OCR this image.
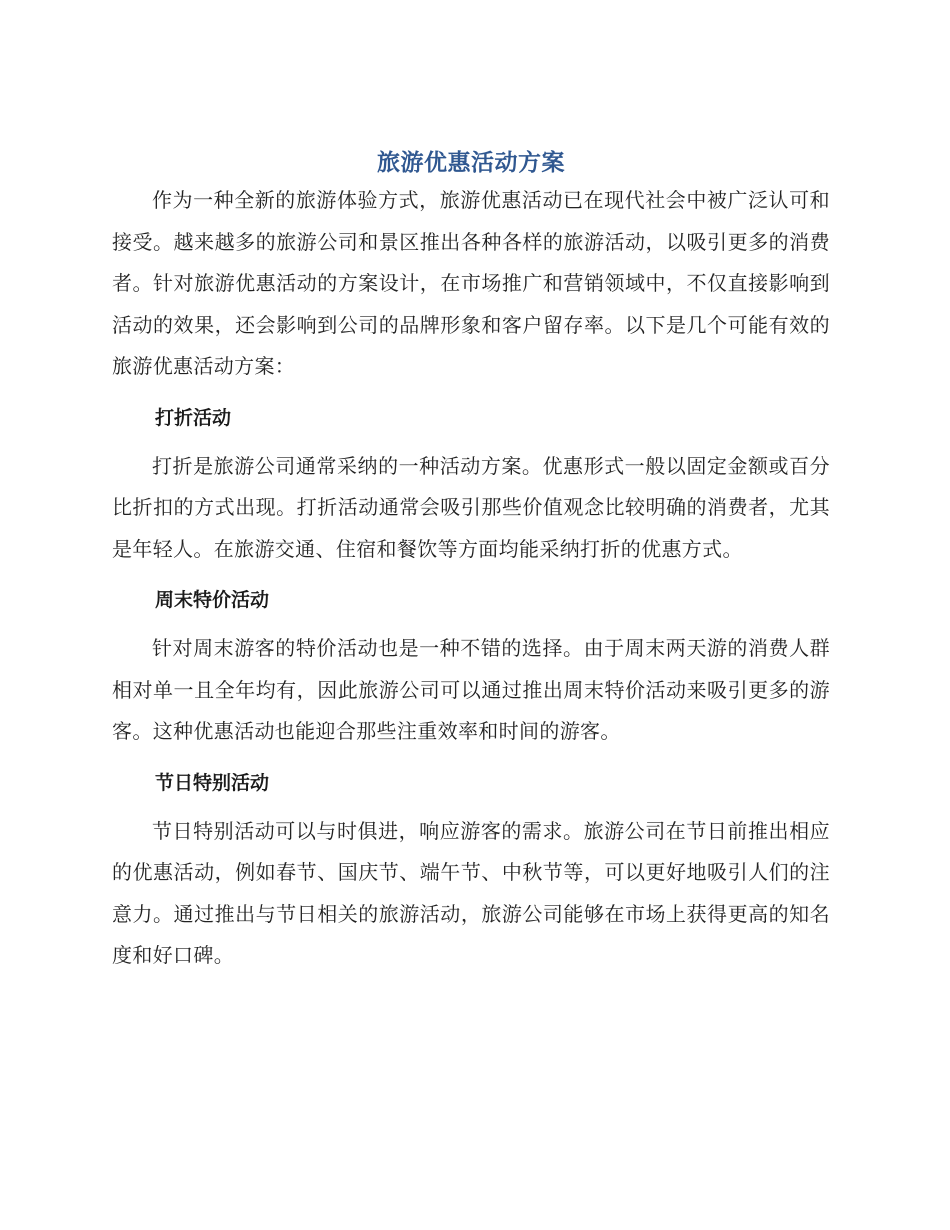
旅游优惠活动方案

作为一种全新的旅游体验方式，旅游优惠活动已在现代社会中被广泛认可和接受。越来越多的旅游公司和景区推出各种各样的旅游活动，以吸引更多的消费者。针对旅游优惠活动的方案设计，在市场推广和营销领域中，不仅直接影响到活动的效果，还会影响到公司的品牌形象和客户留存率。以下是几个可能有效的旅游优惠活动方案：

打折活动

打折是旅游公司通常采纳的一种活动方案。优惠形式一般以固定金额或百分比折扣的方式出现。打折活动通常会吸引那些价值观念比较明确的消费者，尤其是年轻人。在旅游交通、住宿和餐饮等方面均能采纳打折的优惠方式。

周末特价活动

针对周末游客的特价活动也是一种不错的选择。由于周末两天游的消费人群相对单一且全年均有，因此旅游公司可以通过推出周末特价活动来吸引更多的游客。这种优惠活动也能迎合那些注重效率和时间的游客。

节日特别活动

节日特别活动可以与时俱进，响应游客的需求。旅游公司在节日前推出相应的优惠活动，例如春节、国庆节、端午节、中秋节等，可以更好地吸引人们的注意力。通过推出与节日相关的旅游活动，旅游公司能够在市场上获得更高的知名度和好口碑。
